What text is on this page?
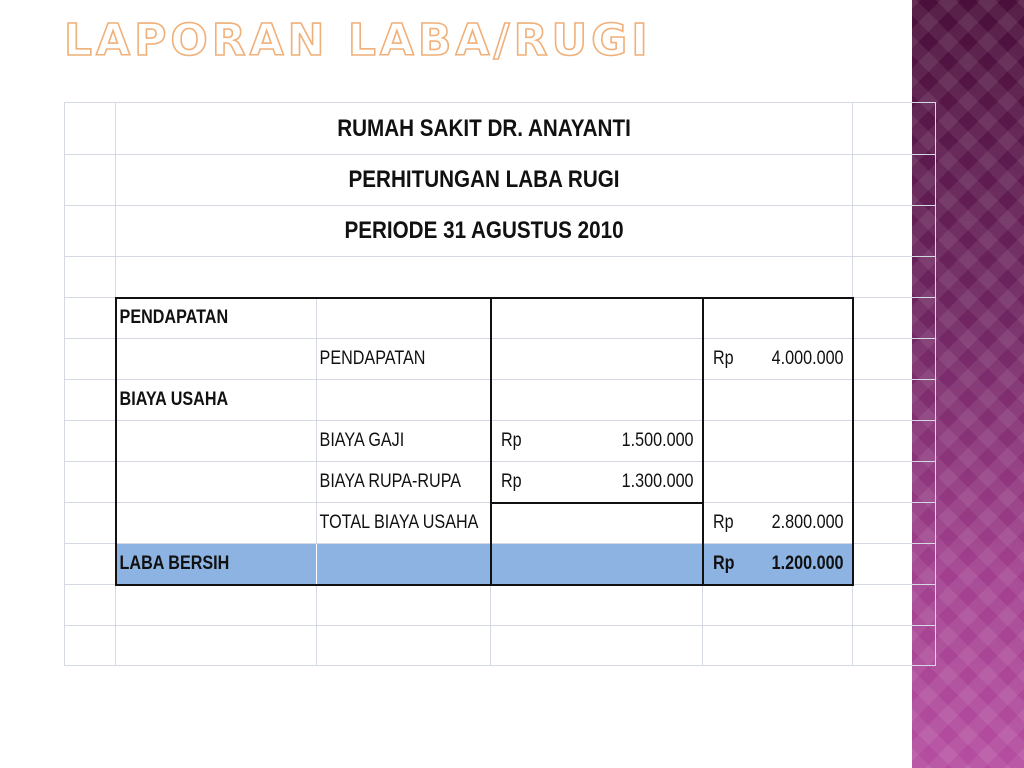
LAPORAN LABA/RUGI

	RUMAH SAKIT DR. ANAYANTI				

	PERHITUNGAN LABA RUGI				

	PERIODE 31 AGUSTUS 2010				

	PENDAPATAN				
		PENDAPATAN		Rp 4.000.000	

	BIAYA USAHA				
		BIAYA GAJI	Rp 1.500.000		

		BIAYA RUPA-RUPA	Rp 1.300.000		

		TOTAL BIAYA USAHA		Rp 2.800.000	

	LABA BERSIH			Rp 1.200.000	
